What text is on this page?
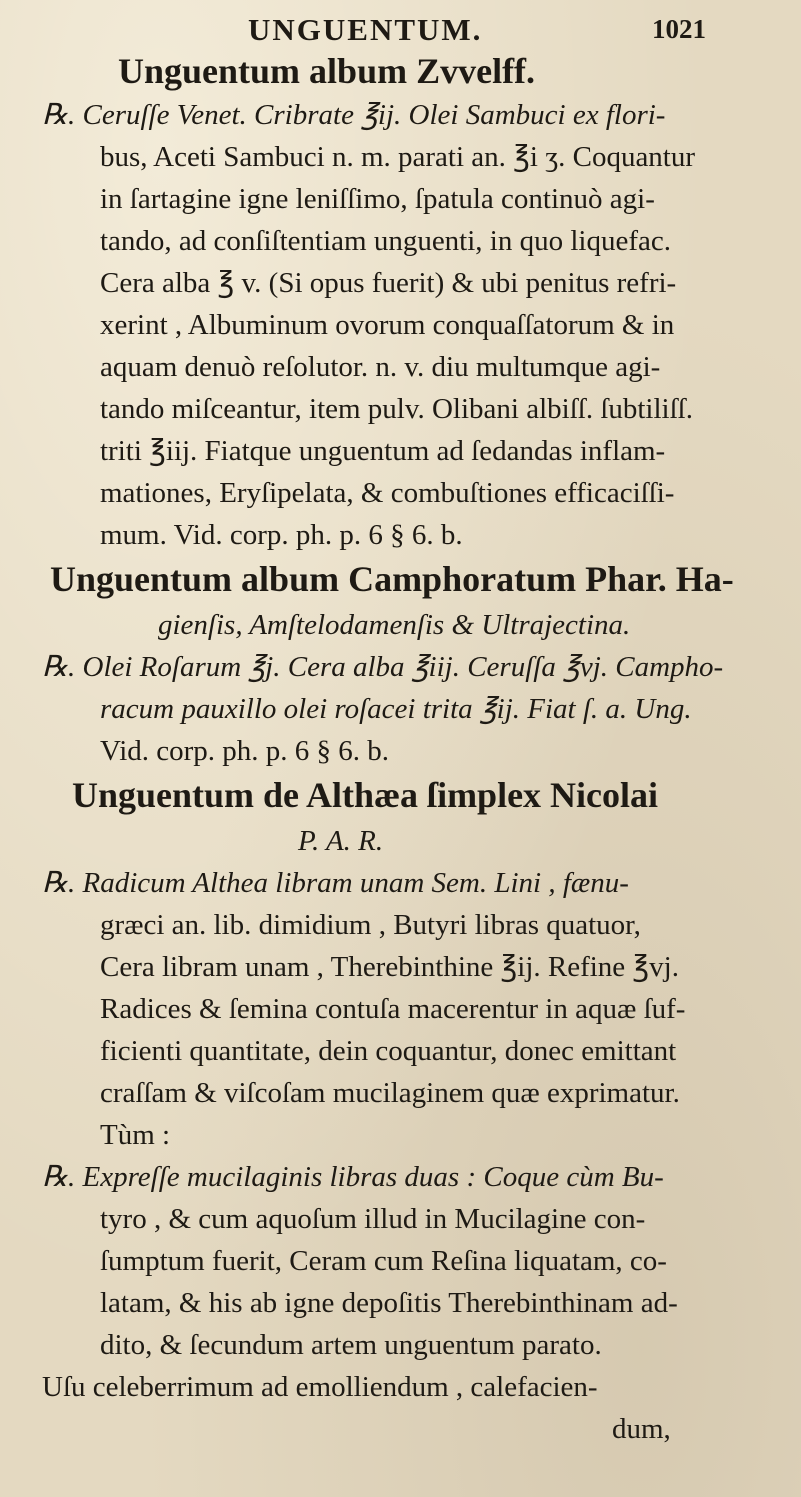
UNGUENTUM.	1021
Unguentum album Zvvelff.
℞. Ceruſſe Venet. Cribrate ℥ij. Olei Sambuci ex flori-
bus, Aceti Sambuci n. m. parati an. ℥i ʒ. Coquantur
in ſartagine igne leniſſimo, ſpatula continuò agi-
tando, ad conſiſtentiam unguenti, in quo liquefac.
Cera alba ℥ v. (Si opus fuerit) & ubi penitus refri-
xerint , Albuminum ovorum conquaſſatorum & in
aquam denuò reſolutor. n. v. diu multumque agi-
tando miſceantur, item pulv. Olibani albiſſ. ſubtiliſſ.
triti ℥iij. Fiatque unguentum ad ſedandas inflam-
mationes, Eryſipelata, & combuſtiones efficaciſſi-
mum. Vid. corp. ph. p. 6 § 6. b.
Unguentum album Camphoratum Phar. Ha-
gienſis, Amſtelodamenſis & Ultrajectina.
℞. Olei Roſarum ℥j. Cera alba ℥iij. Ceruſſa ℥vj. Campho-
racum pauxillo olei roſacei trita ℥ij. Fiat ſ. a. Ung.
Vid. corp. ph. p. 6 § 6. b.
Unguentum de Althæa ſimplex Nicolai
P. A. R.
℞. Radicum Althea libram unam Sem. Lini , fænu-
græci an. lib. dimidium , Butyri libras quatuor,
Cera libram unam , Therebinthine ℥ij. Refine ℥vj.
Radices & ſemina contuſa macerentur in aquæ ſuf-
ficienti quantitate, dein coquantur, donec emittant
craſſam & viſcoſam mucilaginem quæ exprimatur.
Tùm :
℞. Expreſſe mucilaginis libras duas : Coque cùm Bu-
tyro , & cum aquoſum illud in Mucilagine con-
ſumptum fuerit, Ceram cum Reſina liquatam, co-
latam, & his ab igne depoſitis Therebinthinam ad-
dito, & ſecundum artem unguentum parato.
Uſu celeberrimum ad emolliendum , calefacien-
dum,
